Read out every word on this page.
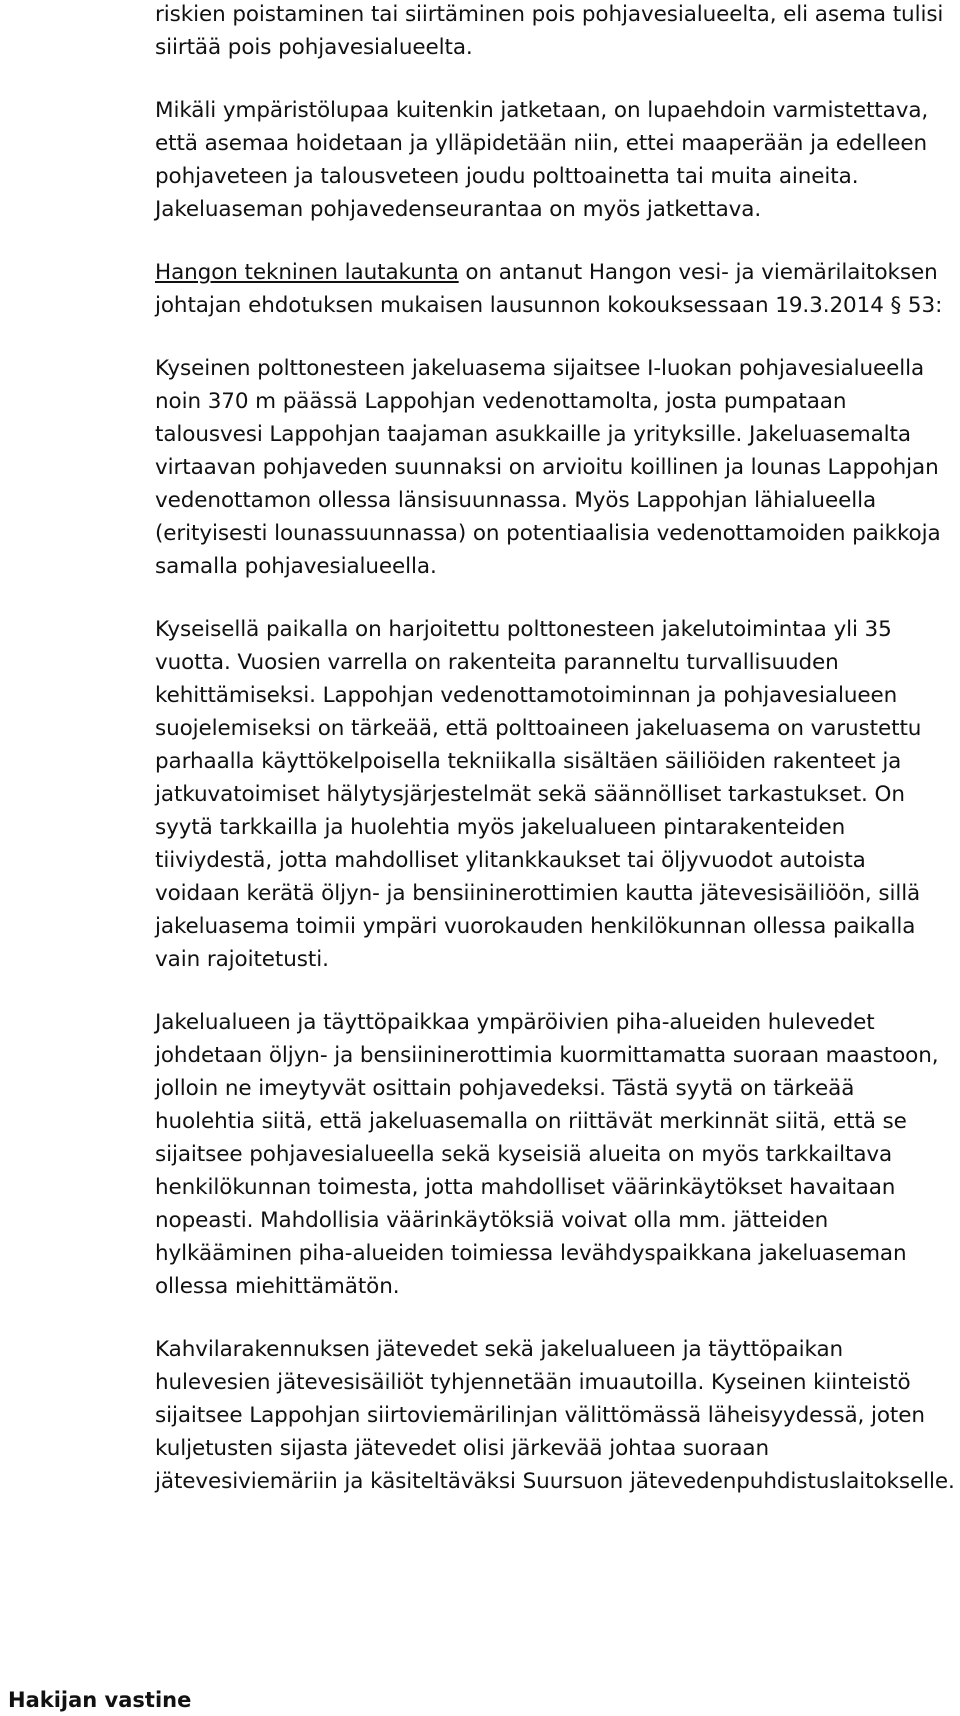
riskien poistaminen tai siirtäminen pois pohjavesialueelta, eli asema tulisi siirtää pois pohjavesialueelta.

Mikäli ympäristölupaa kuitenkin jatketaan, on lupaehdoin varmistettava, että asemaa hoidetaan ja ylläpidetään niin, ettei maaperään ja edelleen pohjaveteen ja talousveteen joudu polttoainetta tai muita aineita. Jakeluaseman pohjavedenseurantaa on myös jatkettava.

Hangon tekninen lautakunta on antanut Hangon vesi- ja viemärilaitoksen johtajan ehdotuksen mukaisen lausunnon kokouksessaan 19.3.2014 § 53:

Kyseinen polttonesteen jakeluasema sijaitsee I-luokan pohjavesialueella noin 370 m päässä Lappohjan vedenottamolta, josta pumpataan talousvesi Lappohjan taajaman asukkaille ja yrityksille. Jakeluasemalta virtaavan pohjaveden suunnaksi on arvioitu koillinen ja lounas Lappohjan vedenottamon ollessa länsisuunnassa. Myös Lappohjan lähialueella (erityisesti lounassuunnassa) on potentiaalisia vedenottamoiden paikkoja samalla pohjavesialueella.

Kyseisellä paikalla on harjoitettu polttonesteen jakelutoimintaa yli 35 vuotta. Vuosien varrella on rakenteita paranneltu turvallisuuden kehittämiseksi. Lappohjan vedenottamotoiminnan ja pohjavesialueen suojelemiseksi on tärkeää, että polttoaineen jakeluasema on varustettu parhaalla käyttökelpoisella tekniikalla sisältäen säiliöiden rakenteet ja jatkuvatoimiset hälytysjärjestelmät sekä säännölliset tarkastukset. On syytä tarkkailla ja huolehtia myös jakelualueen pintarakenteiden tiiviydestä, jotta mahdolliset ylitankkaukset tai öljyvuodot autoista voidaan kerätä öljyn- ja bensiininerottimien kautta jätevesisäiliöön, sillä jakeluasema toimii ympäri vuorokauden henkilökunnan ollessa paikalla vain rajoitetusti.

Jakelualueen ja täyttöpaikkaa ympäröivien piha-alueiden hulevedet johdetaan öljyn- ja bensiininerottimia kuormittamatta suoraan maastoon, jolloin ne imeytyvät osittain pohjavedeksi. Tästä syytä on tärkeää huolehtia siitä, että jakeluasemalla on riittävät merkinnät siitä, että se sijaitsee pohjavesialueella sekä kyseisiä alueita on myös tarkkailtava henkilökunnan toimesta, jotta mahdolliset väärinkäytökset havaitaan nopeasti. Mahdollisia väärinkäytöksiä voivat olla mm. jätteiden hylkääminen piha-alueiden toimiessa levähdyspaikkana jakeluaseman ollessa miehittämätön.

Kahvilarakennuksen jätevedet sekä jakelualueen ja täyttöpaikan hulevesien jätevesisäiliöt tyhjennetään imuautoilla. Kyseinen kiinteistö sijaitsee Lappohjan siirtoviemärilinjan välittömässä läheisyydessä, joten kuljetusten sijasta jätevedet olisi järkevää johtaa suoraan jätevesiviemäriin ja käsiteltäväksi Suursuon jätevedenpuhdistuslaitokselle.

Hakijan vastine
